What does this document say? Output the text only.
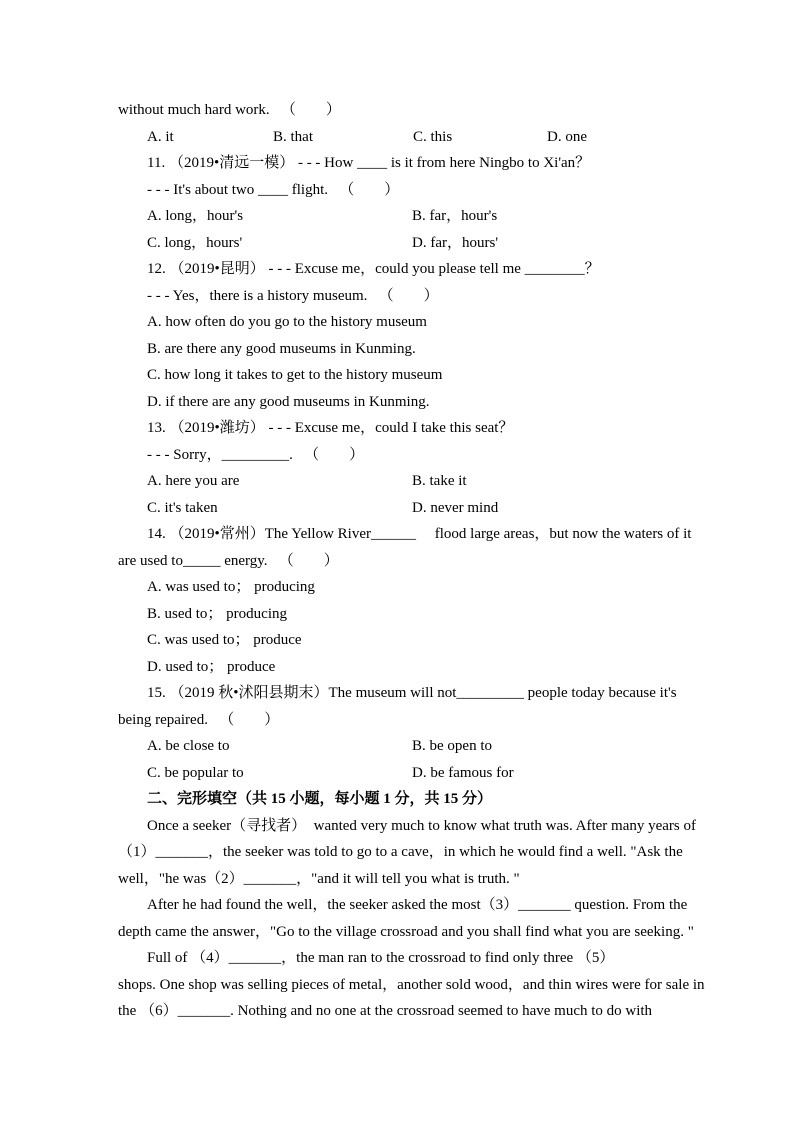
without much hard work.   （　　）

A. it

	B. that

	C. this

	D. one

11. （2019•清远一模） - - - How ____ is it from here Ningbo to Xi'an？
- - - It's about two ____ flight.   （　　）

A. long，hour's

	B. far，hour's

C. long，hours'

	D. far，hours'

12. （2019•昆明） - - - Excuse me，could you please tell me ________？
- - - Yes，there is a history museum.   （　　）
A. how often do you go to the history museum
B. are there any good museums in Kunming.
C. how long it takes to get to the history museum
D. if there are any good museums in Kunming.
13. （2019•潍坊） - - - Excuse me，could I take this seat？
- - - Sorry，_________.   （　　）

A. here you are

	B. take it

C. it's taken

	D. never mind

14. （2019•常州）The Yellow River______　 flood large areas，but now the waters of it
are used to_____ energy.   （　　）
A. was used to； producing
B. used to； producing
C. was used to； produce
D. used to； produce
15. （2019 秋•沭阳县期末）The museum will not_________ people today because it's
being repaired.   （　　）

A. be close to

	B. be open to

C. be popular to

	D. be famous for

二、完形填空（共 15 小题，每小题 1 分，共 15 分）
Once a seeker（寻找者）  wanted very much to know what truth was. After many years of
（1）_______，the seeker was told to go to a cave，in which he would find a well. "Ask the
well，"he was（2）_______，"and it will tell you what is truth. "
After he had found the well，the seeker asked the most（3）_______ question. From the
depth came the answer，"Go to the village crossroad and you shall find what you are seeking. "
Full of （4）_______，the man ran to the crossroad to find only three （5）
shops. One shop was selling pieces of metal，another sold wood，and thin wires were for sale in
the （6）_______. Nothing and no one at the crossroad seemed to have much to do with
